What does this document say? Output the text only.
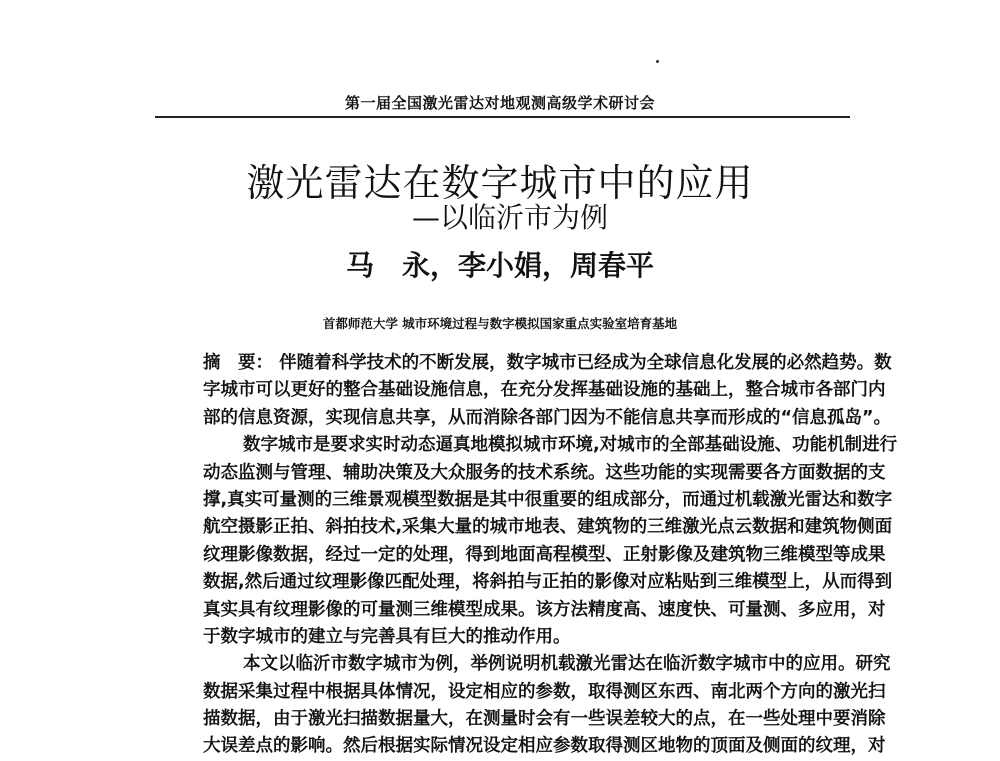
第一届全国激光雷达对地观测高级学术研讨会
激光雷达在数字城市中的应用
—以临沂市为例
马　永，李小娟，周春平
首都师范大学 城市环境过程与数字模拟国家重点实验室培育基地
摘　要： 伴随着科学技术的不断发展，数字城市已经成为全球信息化发展的必然趋势。数
字城市可以更好的整合基础设施信息，在充分发挥基础设施的基础上，整合城市各部门内
部的信息资源，实现信息共享，从而消除各部门因为不能信息共享而形成的“信息孤岛”。
数字城市是要求实时动态逼真地模拟城市环境,对城市的全部基础设施、功能机制进行
动态监测与管理、辅助决策及大众服务的技术系统。这些功能的实现需要各方面数据的支
撑,真实可量测的三维景观模型数据是其中很重要的组成部分，而通过机载激光雷达和数字
航空摄影正拍、斜拍技术,采集大量的城市地表、建筑物的三维激光点云数据和建筑物侧面
纹理影像数据，经过一定的处理，得到地面高程模型、正射影像及建筑物三维模型等成果
数据,然后通过纹理影像匹配处理，将斜拍与正拍的影像对应粘贴到三维模型上，从而得到
真实具有纹理影像的可量测三维模型成果。该方法精度高、速度快、可量测、多应用，对
于数字城市的建立与完善具有巨大的推动作用。
本文以临沂市数字城市为例，举例说明机载激光雷达在临沂数字城市中的应用。研究
数据采集过程中根据具体情况，设定相应的参数，取得测区东西、南北两个方向的激光扫
描数据，由于激光扫描数据量大，在测量时会有一些误差较大的点，在一些处理中要消除
大误差点的影响。然后根据实际情况设定相应参数取得测区地物的顶面及侧面的纹理，对
